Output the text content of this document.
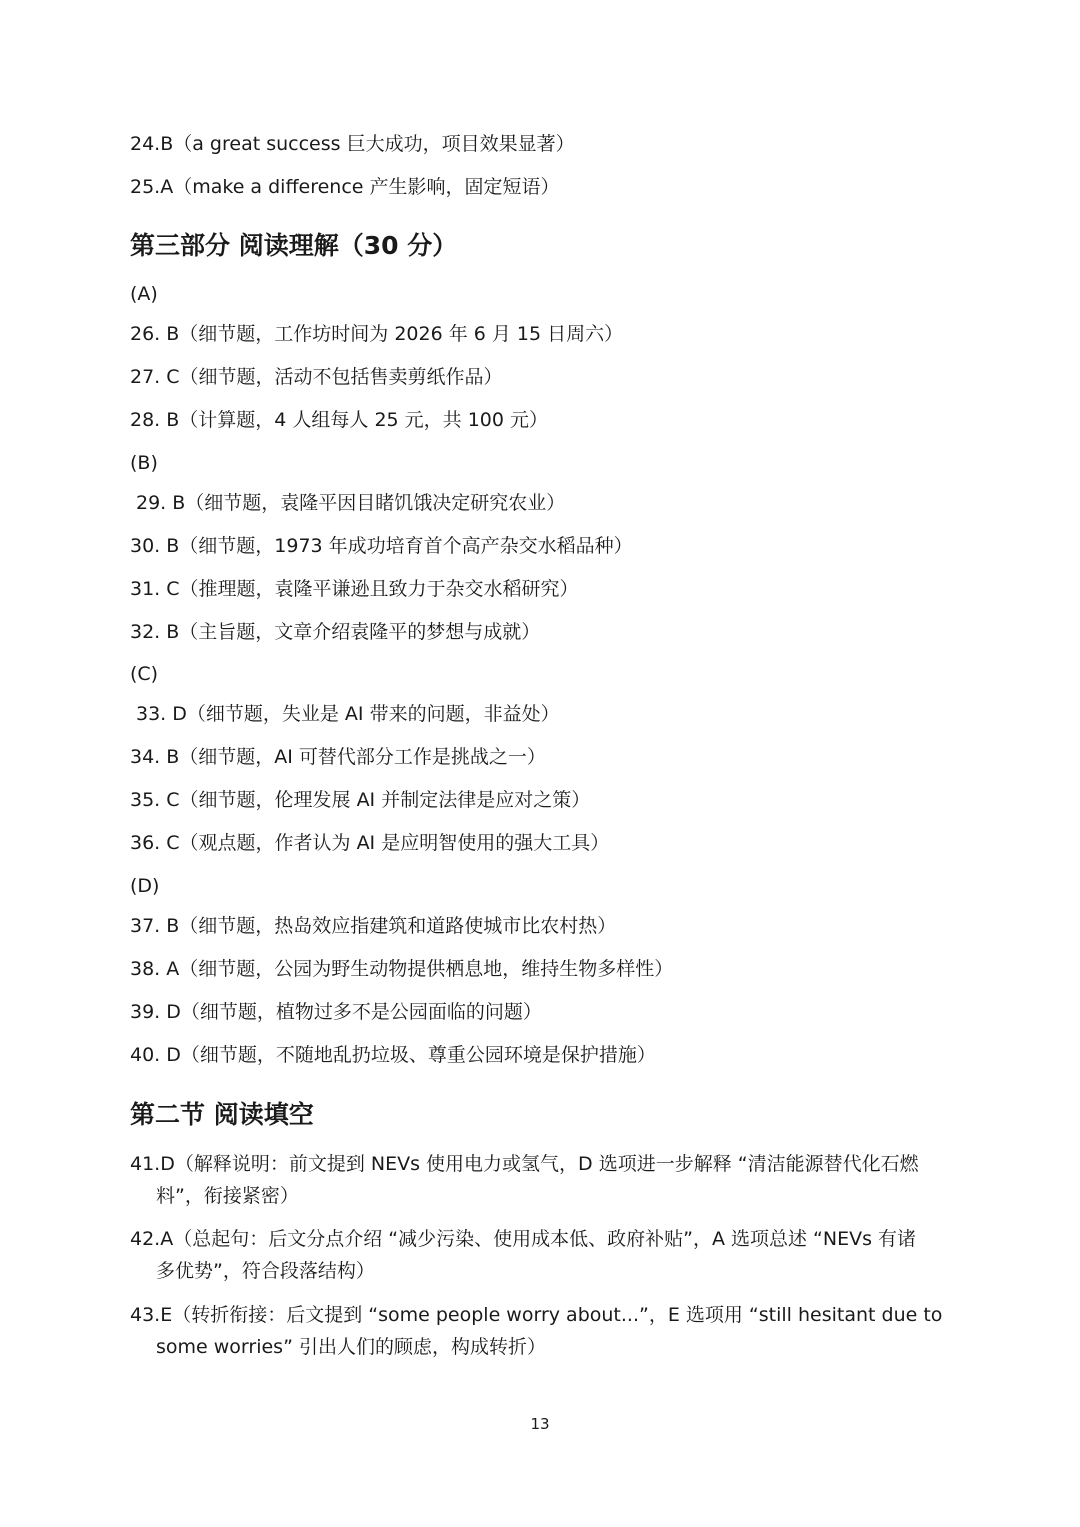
24.B（a great success 巨大成功，项目效果显著）
25.A（make a difference 产生影响，固定短语）
第三部分 阅读理解（30 分）
(A)
26. B（细节题，工作坊时间为 2026 年 6 月 15 日周六）
27. C（细节题，活动不包括售卖剪纸作品）
28. B（计算题，4 人组每人 25 元，共 100 元）
(B)
29. B（细节题，袁隆平因目睹饥饿决定研究农业）
30. B（细节题，1973 年成功培育首个高产杂交水稻品种）
31. C（推理题，袁隆平谦逊且致力于杂交水稻研究）
32. B（主旨题，文章介绍袁隆平的梦想与成就）
(C)
33. D（细节题，失业是 AI 带来的问题，非益处）
34. B（细节题，AI 可替代部分工作是挑战之一）
35. C（细节题，伦理发展 AI 并制定法律是应对之策）
36. C（观点题，作者认为 AI 是应明智使用的强大工具）
(D)
37. B（细节题，热岛效应指建筑和道路使城市比农村热）
38. A（细节题，公园为野生动物提供栖息地，维持生物多样性）
39. D（细节题，植物过多不是公园面临的问题）
40. D（细节题，不随地乱扔垃圾、尊重公园环境是保护措施）
第二节 阅读填空
41.D（解释说明：前文提到 NEVs 使用电力或氢气，D 选项进一步解释 “清洁能源替代化石燃
料”，衔接紧密）
42.A（总起句：后文分点介绍 “减少污染、使用成本低、政府补贴”，A 选项总述 “NEVs 有诸
多优势”，符合段落结构）
43.E（转折衔接：后文提到 “some people worry about...”，E 选项用 “still hesitant due to
some worries” 引出人们的顾虑，构成转折）
13
